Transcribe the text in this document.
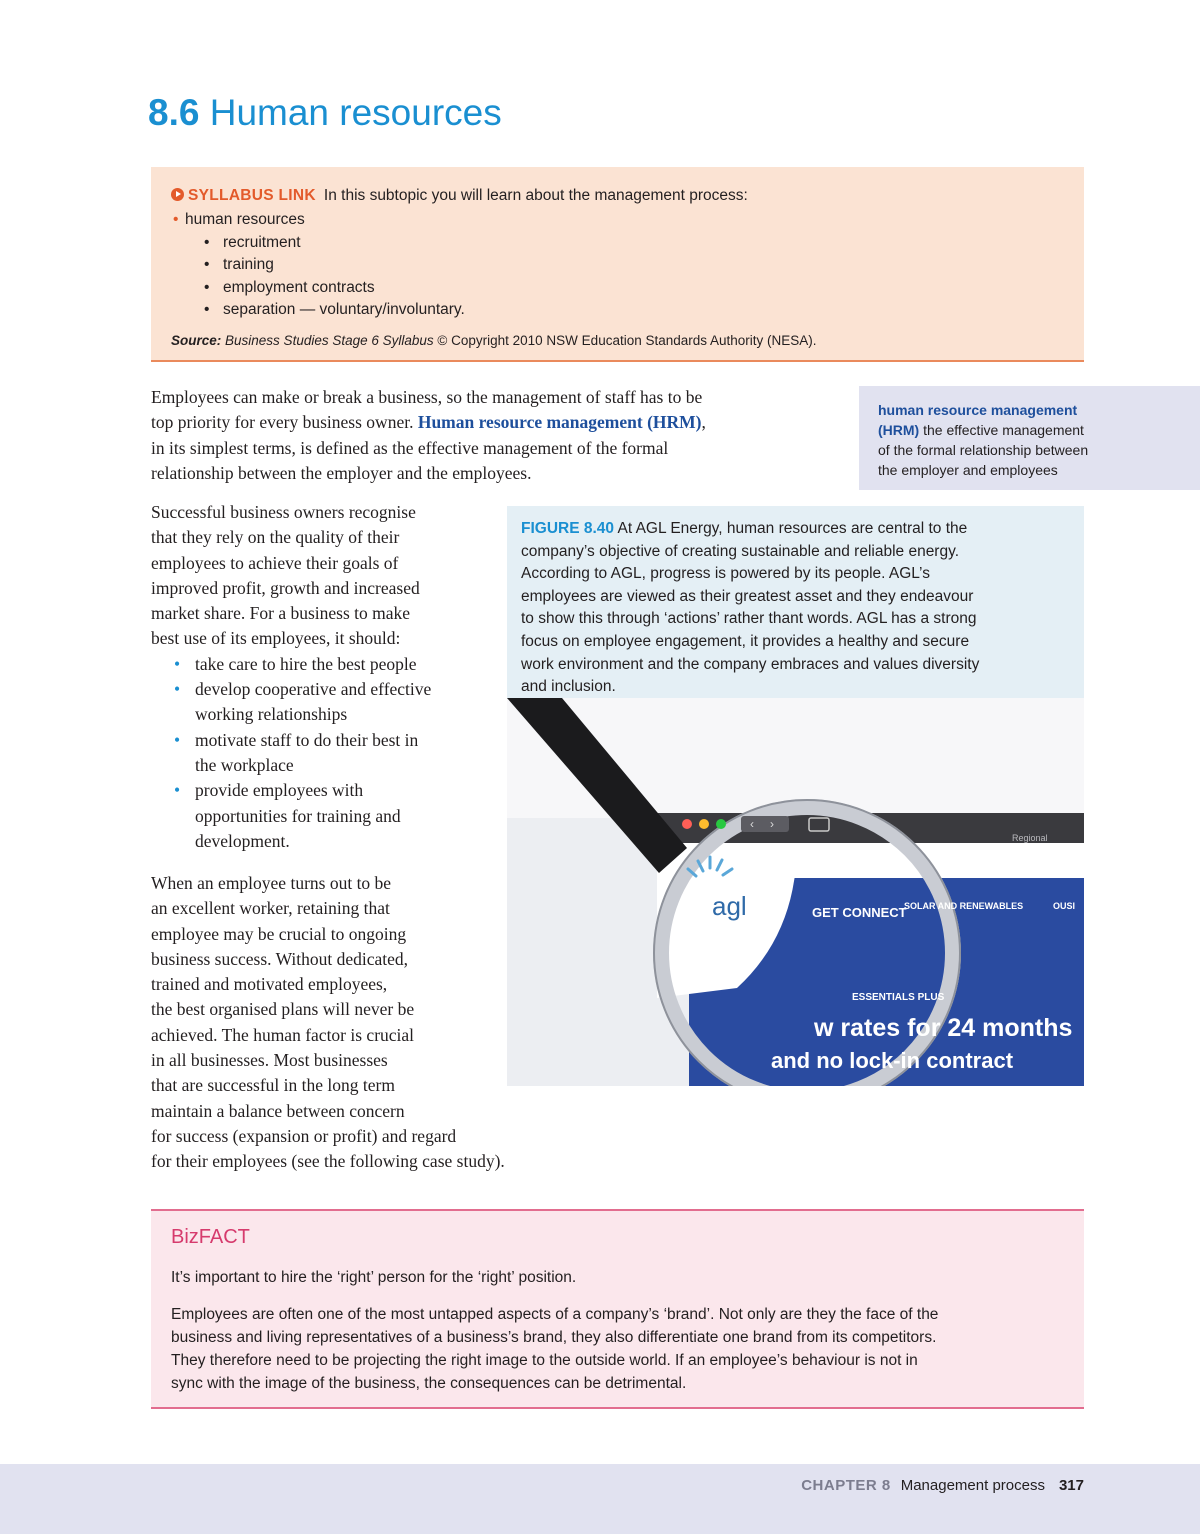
8.6 Human resources
SYLLABUS LINK In this subtopic you will learn about the management process:
• human resources
• recruitment
• training
• employment contracts
• separation — voluntary/involuntary.
Source: Business Studies Stage 6 Syllabus © Copyright 2010 NSW Education Standards Authority (NESA).
Employees can make or break a business, so the management of staff has to be
top priority for every business owner. Human resource management (HRM),
in its simplest terms, is defined as the effective management of the formal
relationship between the employer and the employees.
human resource management
(HRM) the effective management
of the formal relationship between
the employer and employees
Successful business owners recognise
that they rely on the quality of their
employees to achieve their goals of
improved profit, growth and increased
market share. For a business to make
best use of its employees, it should:
• take care to hire the best people
• develop cooperative and effective
working relationships
• motivate staff to do their best in
the workplace
• provide employees with
opportunities for training and
development.
When an employee turns out to be
an excellent worker, retaining that
employee may be crucial to ongoing
business success. Without dedicated,
trained and motivated employees,
the best organised plans will never be
achieved. The human factor is crucial
in all businesses. Most businesses
that are successful in the long term
maintain a balance between concern
for success (expansion or profit) and regard
for their employees (see the following case study).
FIGURE 8.40 At AGL Energy, human resources are central to the
company’s objective of creating sustainable and reliable energy.
According to AGL, progress is powered by its people. AGL’s
employees are viewed as their greatest asset and they endeavour
to show this through ‘actions’ rather thant words. AGL has a strong
focus on employee engagement, it provides a healthy and secure
work environment and the company embraces and values diversity
and inclusion.
‹ ›
agl	GET CONNECT
SOLAR AND RENEWABLES	OUSI
Regional
ESSENTIALS PLUS
w rates for 24 months
and no lock-in contract
BizFACT
It’s important to hire the ‘right’ person for the ‘right’ position.
Employees are often one of the most untapped aspects of a company’s ‘brand’. Not only are they the face of the
business and living representatives of a business’s brand, they also differentiate one brand from its competitors.
They therefore need to be projecting the right image to the outside world. If an employee’s behaviour is not in
sync with the image of the business, the consequences can be detrimental.
CHAPTER 8 Management process 317
